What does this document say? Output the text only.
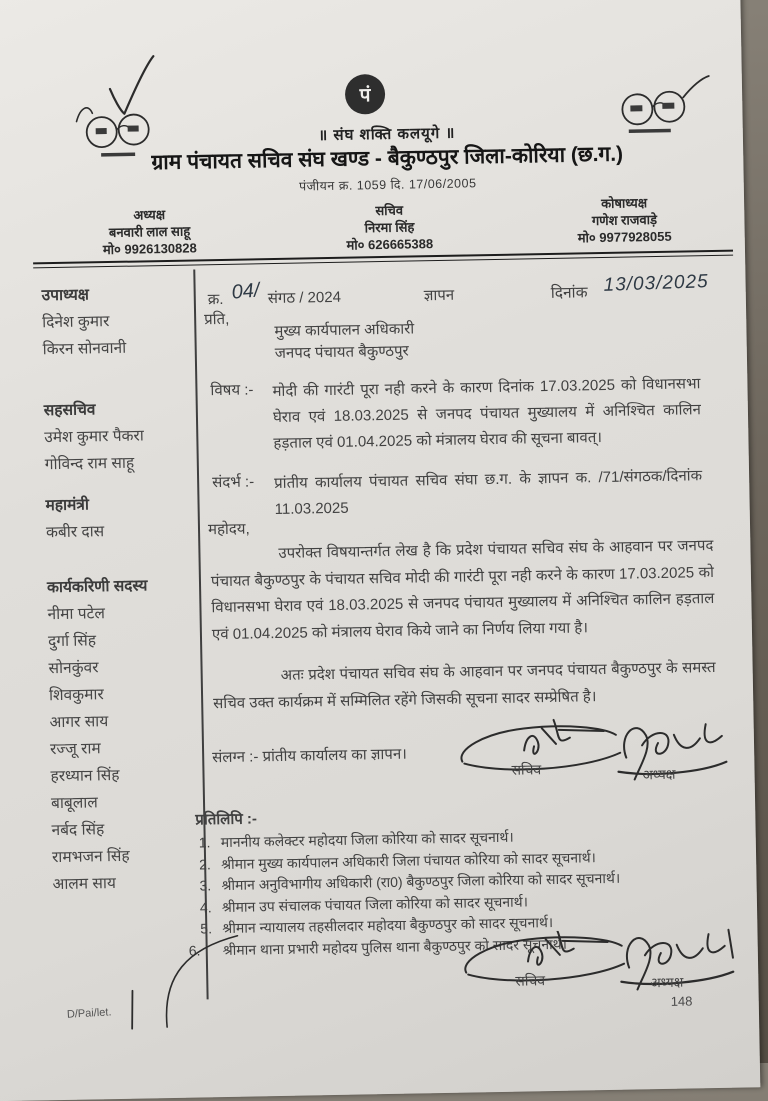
पं
॥ संघ शक्ति कलयूगे ॥
ग्राम पंचायत सचिव संघ खण्ड - बैकुण्ठपुर जिला-कोरिया (छ.ग.)
पंजीयन क्र. 1059 दि. 17/06/2005
अध्यक्ष
बनवारी लाल साहू
मो० 9926130828
सचिव
निरमा सिंह
मो० 626665388
कोषाध्यक्ष
गणेश राजवाड़े
मो० 9977928055
उपाध्यक्ष
दिनेश कुमार
किरन सोनवानी
सहसचिव
उमेश कुमार पैकरा
गोविन्द राम साहू
महामंत्री
कबीर दास
कार्यकरिणी सदस्य
नीमा पटेल
दुर्गा सिंह
सोनकुंवर
शिवकुमार
आगर साय
रज्जू राम
हरध्यान सिंह
बाबूलाल
नर्बद सिंह
रामभजन सिंह
आलम साय
क्र. 04/ संगठ / 2024	ज्ञापन	दिनांक 13/03/2025
प्रति,
मुख्य कार्यपालन अधिकारी
जनपद पंचायत बैकुण्ठपुर
विषय :- मोदी की गारंटी पूरा नही करने के कारण दिनांक 17.03.2025 को विधानसभा घेराव एवं 18.03.2025 से जनपद पंचायत मुख्यालय में अनिश्चित कालिन हड़ताल एवं 01.04.2025 को मंत्रालय घेराव की सूचना बावत्।
संदर्भ :- प्रांतीय कार्यालय पंचायत सचिव संघा छ.ग. के ज्ञापन क. /71/संगठक/दिनांक 11.03.2025
महोदय,
उपरोक्त विषयान्तर्गत लेख है कि प्रदेश पंचायत सचिव संघ के आहवान पर जनपद पंचायत बैकुण्ठपुर के पंचायत सचिव मोदी की गारंटी पूरा नही करने के कारण 17.03.2025 को विधानसभा घेराव एवं 18.03.2025 से जनपद पंचायत मुख्यालय में अनिश्चित कालिन हड़ताल एवं 01.04.2025 को मंत्रालय घेराव किये जाने का निर्णय लिया गया है।
अतः प्रदेश पंचायत सचिव संघ के आहवान पर जनपद पंचायत बैकुण्ठपुर के समस्त सचिव उक्त कार्यक्रम में सम्मिलित रहेंगे जिसकी सूचना सादर सम्प्रेषित है।
संलग्न :- प्रांतीय कार्यालय का ज्ञापन।
सचिव	अध्यक्ष
प्रतिलिपि :-
1. माननीय कलेक्टर महोदया जिला कोरिया को सादर सूचनार्थ।
2. श्रीमान मुख्य कार्यपालन अधिकारी जिला पंचायत कोरिया को सादर सूचनार्थ।
3. श्रीमान अनुविभागीय अधिकारी (रा0) बैकुण्ठपुर जिला कोरिया को सादर सूचनार्थ।
4. श्रीमान उप संचालक पंचायत जिला कोरिया को सादर सूचनार्थ।
5. श्रीमान न्यायालय तहसीलदार महोदया बैकुण्ठपुर को सादर सूचनार्थ।
6.	श्रीमान थाना प्रभारी महोदय पुलिस थाना बैकुण्ठपुर को सादर सूचनार्थ।
सचिव	अध्यक्ष
D/Pai/let.
148
